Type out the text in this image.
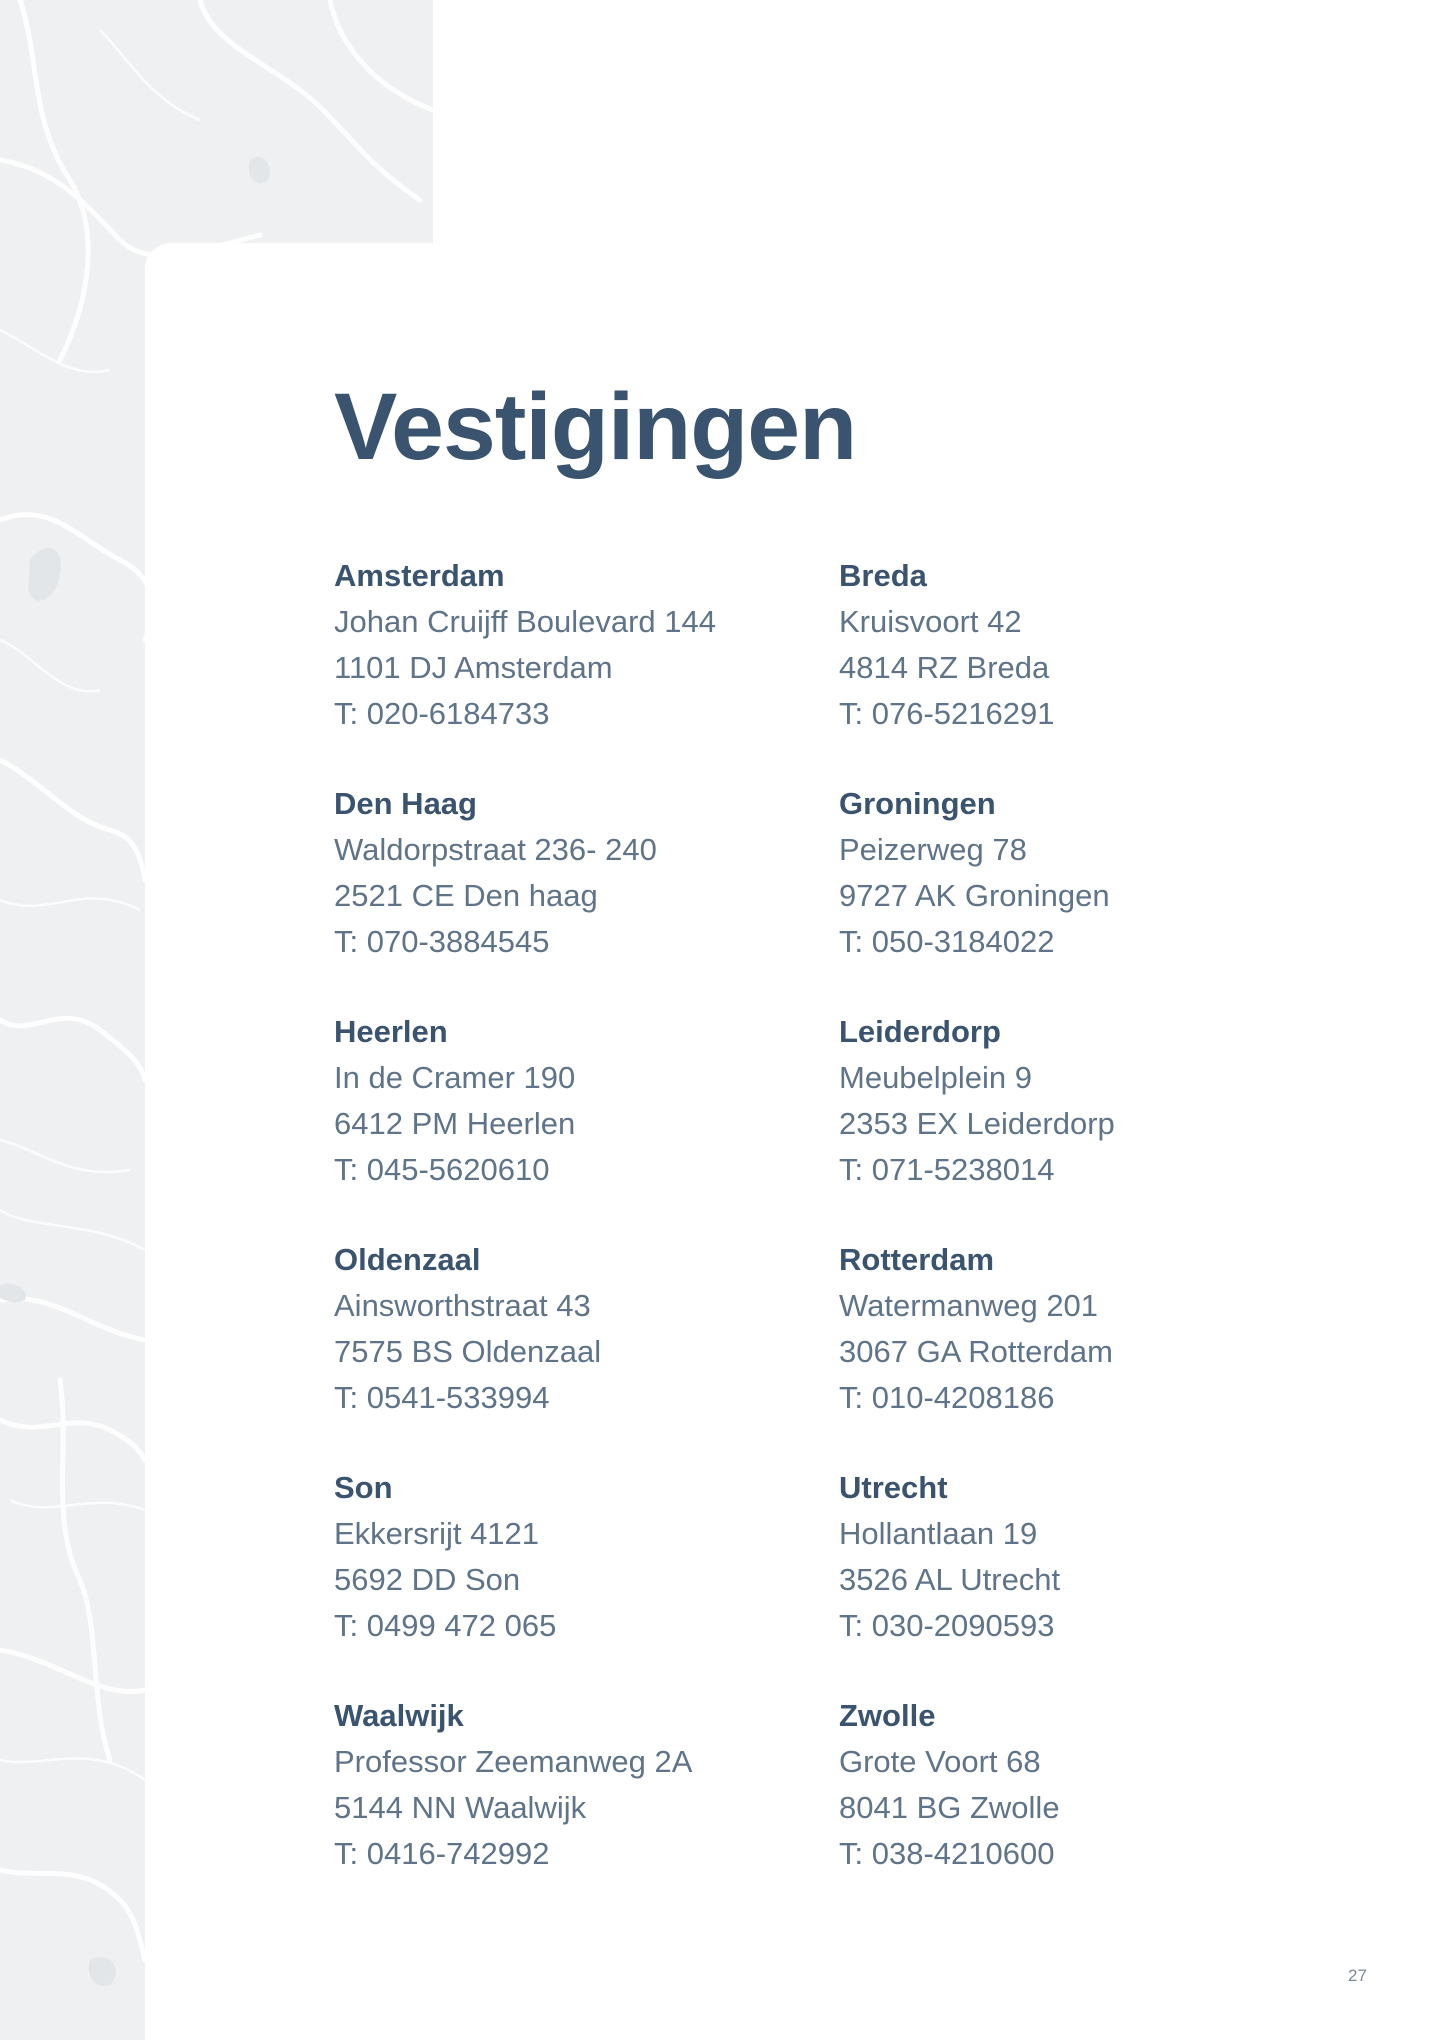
Vestigingen
Amsterdam
Johan Cruijff Boulevard 144
1101 DJ Amsterdam
T: 020-6184733
Den Haag
Waldorpstraat 236- 240
2521 CE Den haag
T: 070-3884545
Heerlen
In de Cramer 190
6412 PM Heerlen
T: 045-5620610
Oldenzaal
Ainsworthstraat 43
7575 BS Oldenzaal
T: 0541-533994
Son
Ekkersrijt 4121
5692 DD Son
T: 0499 472 065
Waalwijk
Professor Zeemanweg 2A
5144 NN Waalwijk
T: 0416-742992
Breda
Kruisvoort 42
4814 RZ Breda
T: 076-5216291
Groningen
Peizerweg 78
9727 AK Groningen
T: 050-3184022
Leiderdorp
Meubelplein 9
2353 EX Leiderdorp
T: 071-5238014
Rotterdam
Watermanweg 201
3067 GA Rotterdam
T: 010-4208186
Utrecht
Hollantlaan 19
3526 AL Utrecht
T: 030-2090593
Zwolle
Grote Voort 68
8041 BG Zwolle
T: 038-4210600
27
